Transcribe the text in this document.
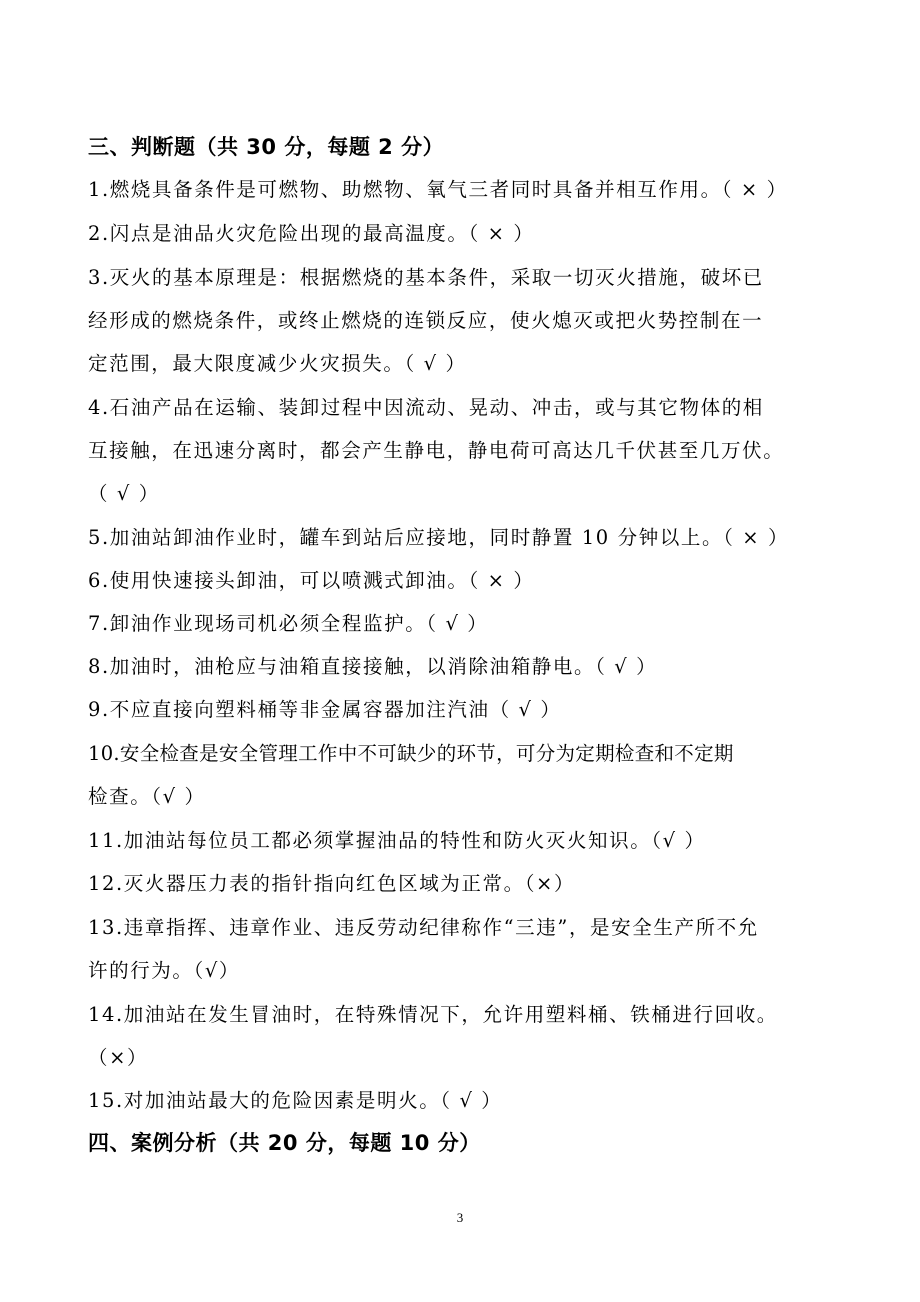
三、判断题（共 30 分，每题 2 分）
1.燃烧具备条件是可燃物、助燃物、氧气三者同时具备并相互作用。（ × ）
2.闪点是油品火灾危险出现的最高温度。（ × ）
3.灭火的基本原理是：根据燃烧的基本条件，采取一切灭火措施，破坏已
经形成的燃烧条件，或终止燃烧的连锁反应，使火熄灭或把火势控制在一
定范围，最大限度减少火灾损失。（ √ ）
4.石油产品在运输、装卸过程中因流动、晃动、冲击，或与其它物体的相
互接触，在迅速分离时，都会产生静电，静电荷可高达几千伏甚至几万伏。
（ √ ）
5.加油站卸油作业时，罐车到站后应接地，同时静置 10 分钟以上。（ × ）
6.使用快速接头卸油，可以喷溅式卸油。（ × ）
7.卸油作业现场司机必须全程监护。（ √ ）
8.加油时，油枪应与油箱直接接触，以消除油箱静电。（ √ ）
9.不应直接向塑料桶等非金属容器加注汽油（ √ ）
10.安全检查是安全管理工作中不可缺少的环节，可分为定期检查和不定期
检查。（√ ）
11.加油站每位员工都必须掌握油品的特性和防火灭火知识。（√ ）
12.灭火器压力表的指针指向红色区域为正常。（×）
13.违章指挥、违章作业、违反劳动纪律称作“三违”，是安全生产所不允
许的行为。（√）
14.加油站在发生冒油时，在特殊情况下，允许用塑料桶、铁桶进行回收。
（×）
15.对加油站最大的危险因素是明火。（ √ ）
四、案例分析（共 20 分，每题 10 分）
3
